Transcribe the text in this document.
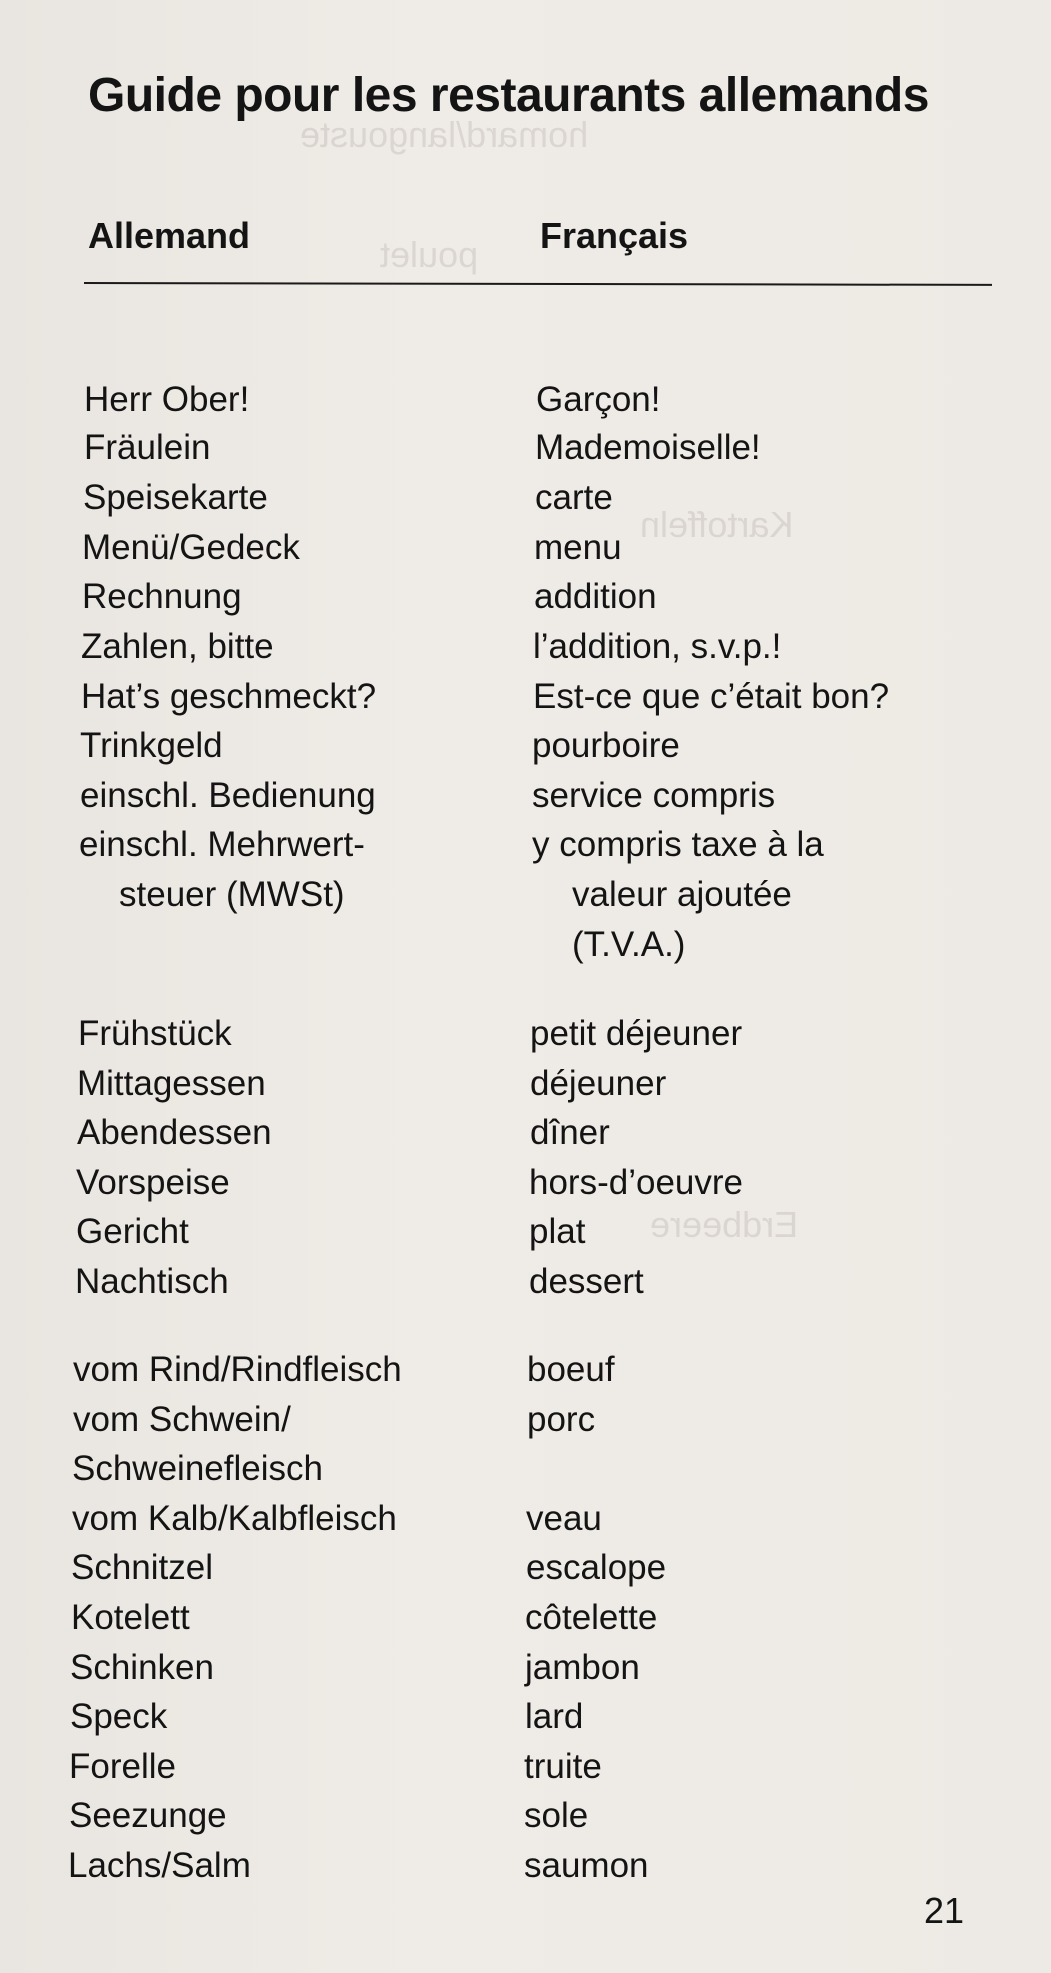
homard/langouste
poulet
Kartoffeln
Erdbeere
Guide pour les restaurants allemands
Allemand	Français
Herr Ober!	Garçon!
Fräulein	Mademoiselle!
Speisekarte	carte
Menü/Gedeck	menu
Rechnung	addition
Zahlen, bitte	l’addition, s.v.p.!
Hat’s geschmeckt?	Est-ce que c’était bon?
Trinkgeld	pourboire
einschl. Bedienung	service compris
einschl. Mehrwert-	y compris taxe à la
steuer (MWSt)	valeur ajoutée
(T.V.A.)
Frühstück	petit déjeuner
Mittagessen	déjeuner
Abendessen	dîner
Vorspeise	hors-d’oeuvre
Gericht	plat
Nachtisch	dessert
vom Rind/Rindfleisch	boeuf
vom Schwein/	porc
Schweinefleisch
vom Kalb/Kalbfleisch	veau
Schnitzel	escalope
Kotelett	côtelette
Schinken	jambon
Speck	lard
Forelle	truite
Seezunge	sole
Lachs/Salm	saumon
21
